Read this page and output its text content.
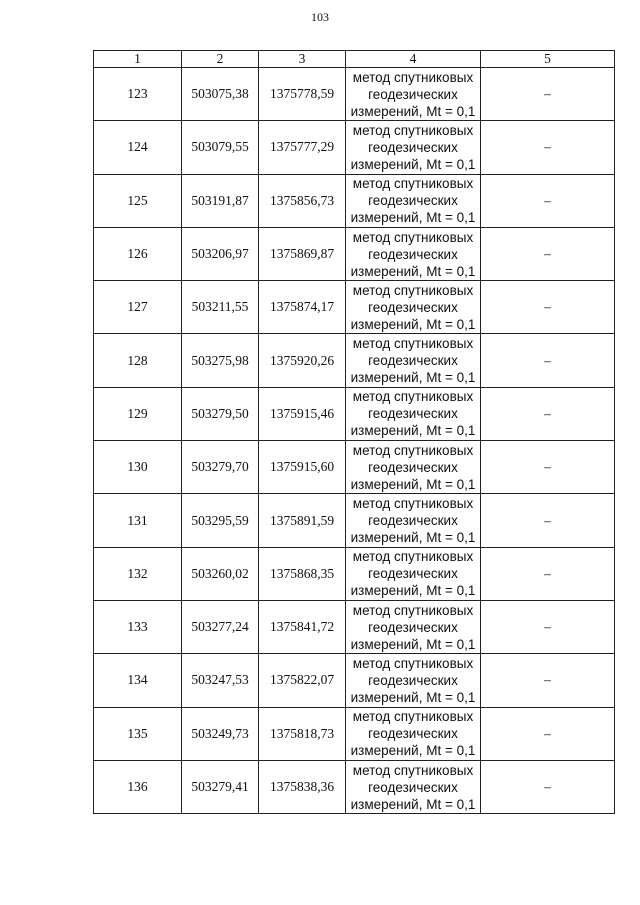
103
1	2	3	4	5
123	503075,38	1375778,59	метод спутниковых
геодезических
измерений, Mt = 0,1	–
124	503079,55	1375777,29	метод спутниковых
геодезических
измерений, Mt = 0,1	–
125	503191,87	1375856,73	метод спутниковых
геодезических
измерений, Mt = 0,1	–
126	503206,97	1375869,87	метод спутниковых
геодезических
измерений, Mt = 0,1	–
127	503211,55	1375874,17	метод спутниковых
геодезических
измерений, Mt = 0,1	–
128	503275,98	1375920,26	метод спутниковых
геодезических
измерений, Mt = 0,1	–
129	503279,50	1375915,46	метод спутниковых
геодезических
измерений, Mt = 0,1	–
130	503279,70	1375915,60	метод спутниковых
геодезических
измерений, Mt = 0,1	–
131	503295,59	1375891,59	метод спутниковых
геодезических
измерений, Mt = 0,1	–
132	503260,02	1375868,35	метод спутниковых
геодезических
измерений, Mt = 0,1	–
133	503277,24	1375841,72	метод спутниковых
геодезических
измерений, Mt = 0,1	–
134	503247,53	1375822,07	метод спутниковых
геодезических
измерений, Mt = 0,1	–
135	503249,73	1375818,73	метод спутниковых
геодезических
измерений, Mt = 0,1	–
136	503279,41	1375838,36	метод спутниковых
геодезических
измерений, Mt = 0,1	–
